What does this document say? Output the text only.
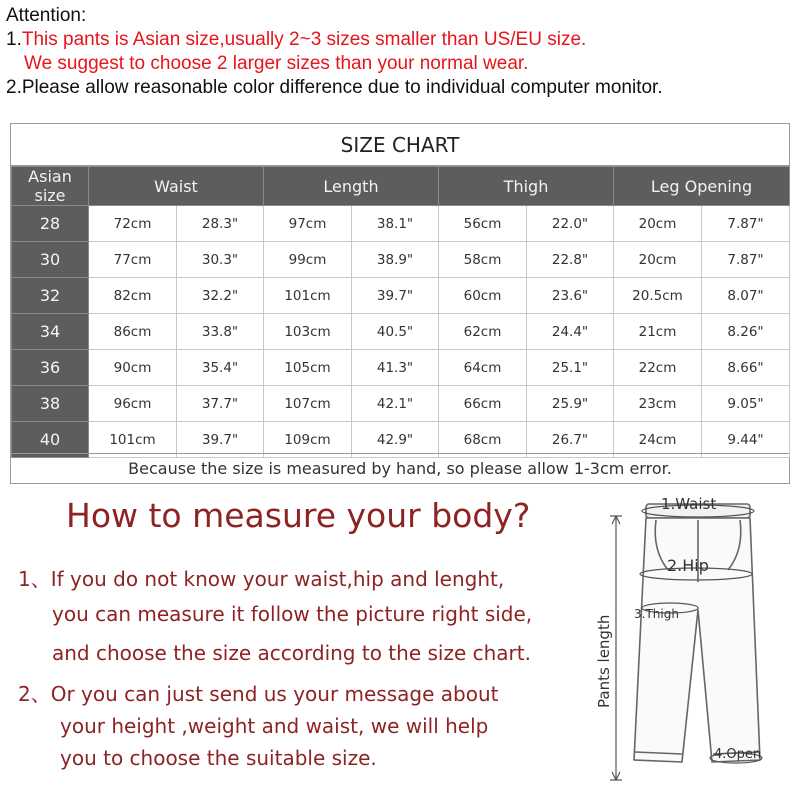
Attention:
1.This pants is Asian size,usually 2~3 sizes smaller than US/EU size.
We suggest to choose 2 larger sizes than your normal wear.
2.Please allow reasonable color difference due to individual computer monitor.
SIZE CHART
Asian size	Waist		Length		Thigh		Leg Opening	
28	72cm	28.3"	97cm	38.1"	56cm	22.0"	20cm	7.87"
30	77cm	30.3"	99cm	38.9"	58cm	22.8"	20cm	7.87"
32	82cm	32.2"	101cm	39.7"	60cm	23.6"	20.5cm	8.07"
34	86cm	33.8"	103cm	40.5"	62cm	24.4"	21cm	8.26"
36	90cm	35.4"	105cm	41.3"	64cm	25.1"	22cm	8.66"
38	96cm	37.7"	107cm	42.1"	66cm	25.9"	23cm	9.05"
40	101cm	39.7"	109cm	42.9"	68cm	26.7"	24cm	9.44"
Because the size is measured by hand, so please allow 1-3cm error.
How to measure your body?
1、If you do not know your waist,hip and lenght,
you can measure it follow the picture right side,
and choose the size according to the size chart.
2、Or you can just send us your message about
your height ,weight and waist, we will help
you to choose the suitable size.
1.Waist
2.Hip
3.Thigh
4.Open
Pants length
